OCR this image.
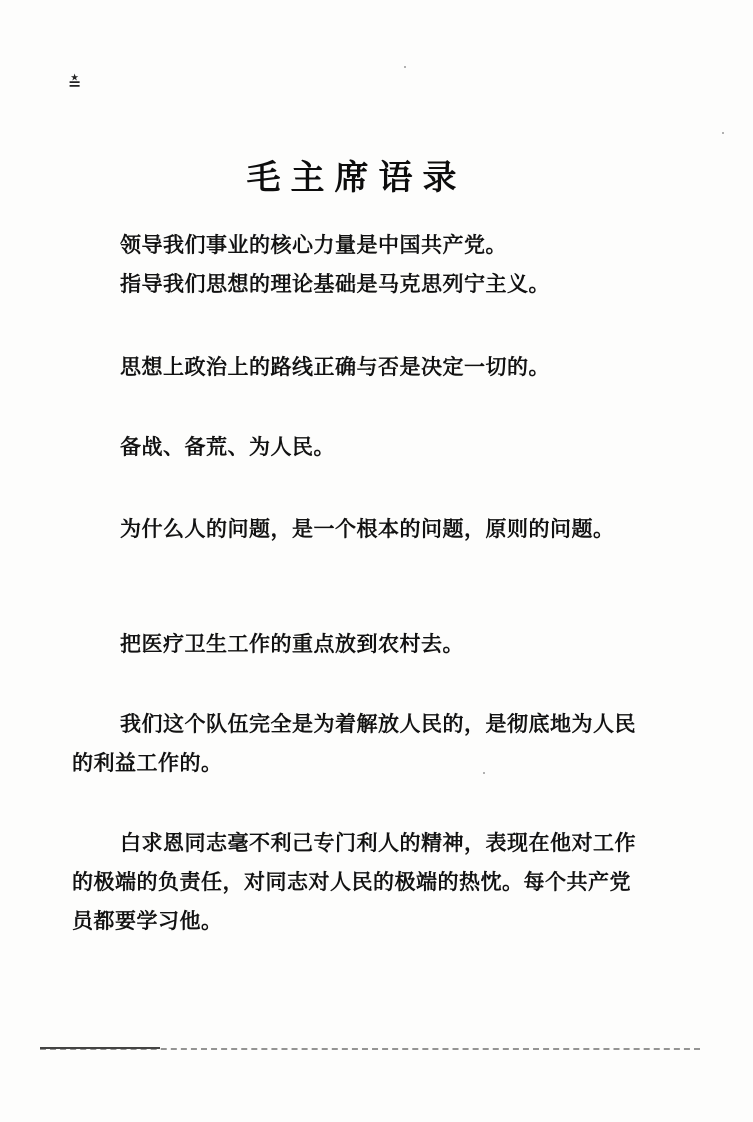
≛
毛主席语录

领导我们事业的核心力量是中国共产党。

指导我们思想的理论基础是马克思列宁主义。

思想上政治上的路线正确与否是决定一切的。

备战、备荒、为人民。

为什么人的问题，是一个根本的问题，原则的问题。

把医疗卫生工作的重点放到农村去。

我们这个队伍完全是为着解放人民的，是彻底地为人民的利益工作的。

白求恩同志毫不利己专门利人的精神，表现在他对工作的极端的负责任，对同志对人民的极端的热忱。每个共产党员都要学习他。
